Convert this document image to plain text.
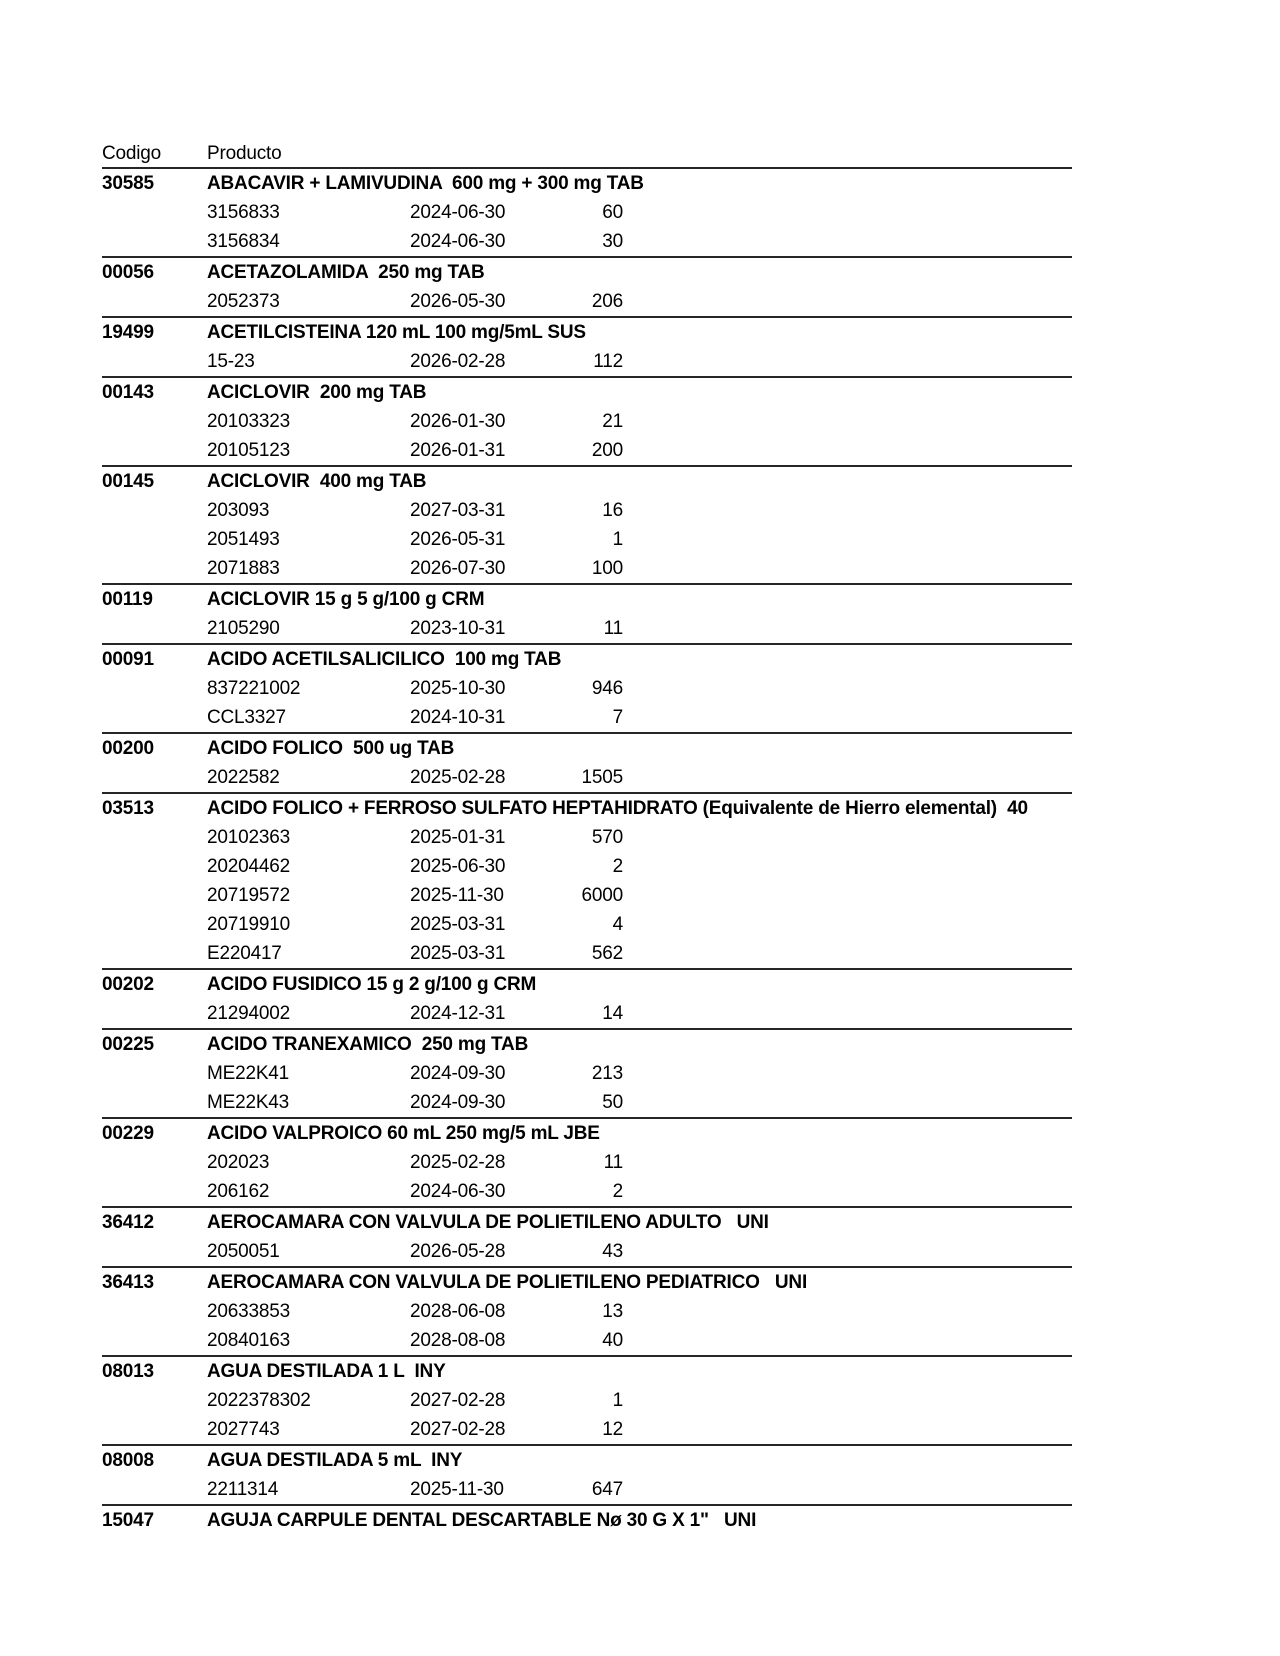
Codigo	Producto
30585	ABACAVIR + LAMIVUDINA  600 mg + 300 mg TAB
3156833	2024-06-30	60
3156834	2024-06-30	30
00056	ACETAZOLAMIDA  250 mg TAB
2052373	2026-05-30	206
19499	ACETILCISTEINA 120 mL 100 mg/5mL SUS
15-23	2026-02-28	112
00143	ACICLOVIR  200 mg TAB
20103323	2026-01-30	21
20105123	2026-01-31	200
00145	ACICLOVIR  400 mg TAB
203093	2027-03-31	16
2051493	2026-05-31	1
2071883	2026-07-30	100
00119	ACICLOVIR 15 g 5 g/100 g CRM
2105290	2023-10-31	11
00091	ACIDO ACETILSALICILICO  100 mg TAB
837221002	2025-10-30	946
CCL3327	2024-10-31	7
00200	ACIDO FOLICO  500 ug TAB
2022582	2025-02-28	1505
03513	ACIDO FOLICO + FERROSO SULFATO HEPTAHIDRATO (Equivalente de Hierro elemental)  40
20102363	2025-01-31	570
20204462	2025-06-30	2
20719572	2025-11-30	6000
20719910	2025-03-31	4
E220417	2025-03-31	562
00202	ACIDO FUSIDICO 15 g 2 g/100 g CRM
21294002	2024-12-31	14
00225	ACIDO TRANEXAMICO  250 mg TAB
ME22K41	2024-09-30	213
ME22K43	2024-09-30	50
00229	ACIDO VALPROICO 60 mL 250 mg/5 mL JBE
202023	2025-02-28	11
206162	2024-06-30	2
36412	AEROCAMARA CON VALVULA DE POLIETILENO ADULTO   UNI
2050051	2026-05-28	43
36413	AEROCAMARA CON VALVULA DE POLIETILENO PEDIATRICO   UNI
20633853	2028-06-08	13
20840163	2028-08-08	40
08013	AGUA DESTILADA 1 L  INY
2022378302	2027-02-28	1
2027743	2027-02-28	12
08008	AGUA DESTILADA 5 mL  INY
2211314	2025-11-30	647
15047	AGUJA CARPULE DENTAL DESCARTABLE Nø 30 G X 1"   UNI
